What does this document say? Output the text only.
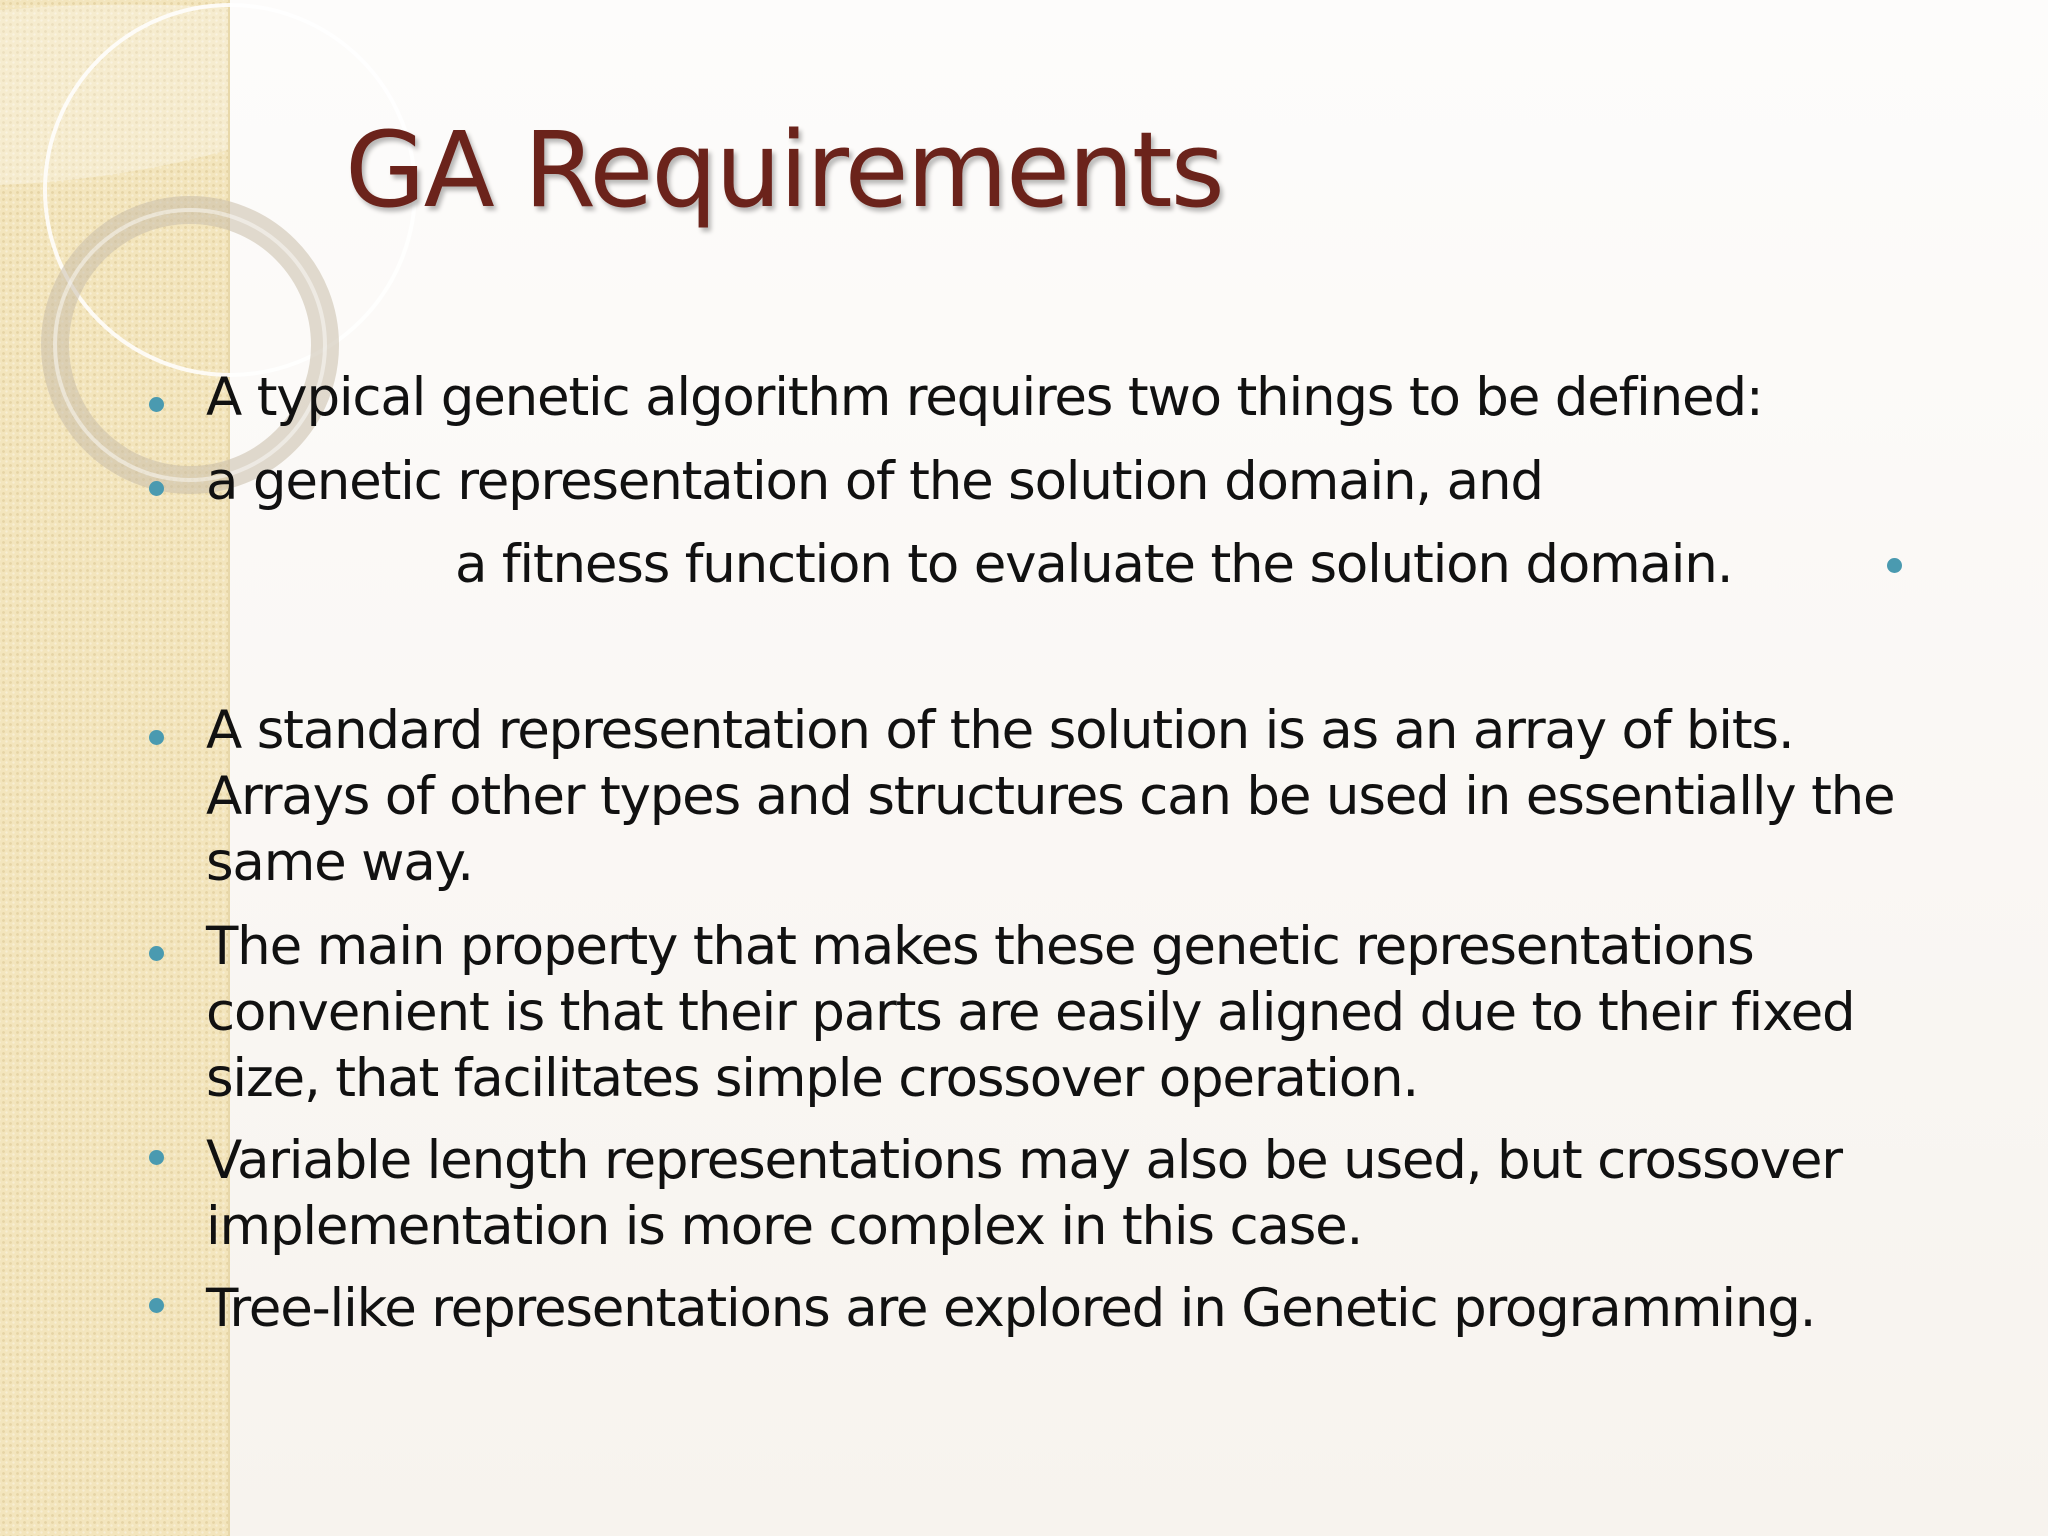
GA Requirements
A typical genetic algorithm requires two things to be defined:
a genetic representation of the solution domain, and
a fitness function to evaluate the solution domain.
A standard representation of the solution is as an array of bits. Arrays of other types and structures can be used in essentially the same way.
The main property that makes these genetic representations convenient is that their parts are easily aligned due to their fixed size, that facilitates simple crossover operation.
Variable length representations may also be used, but crossover implementation is more complex in this case.
Tree-like representations are explored in Genetic programming.
